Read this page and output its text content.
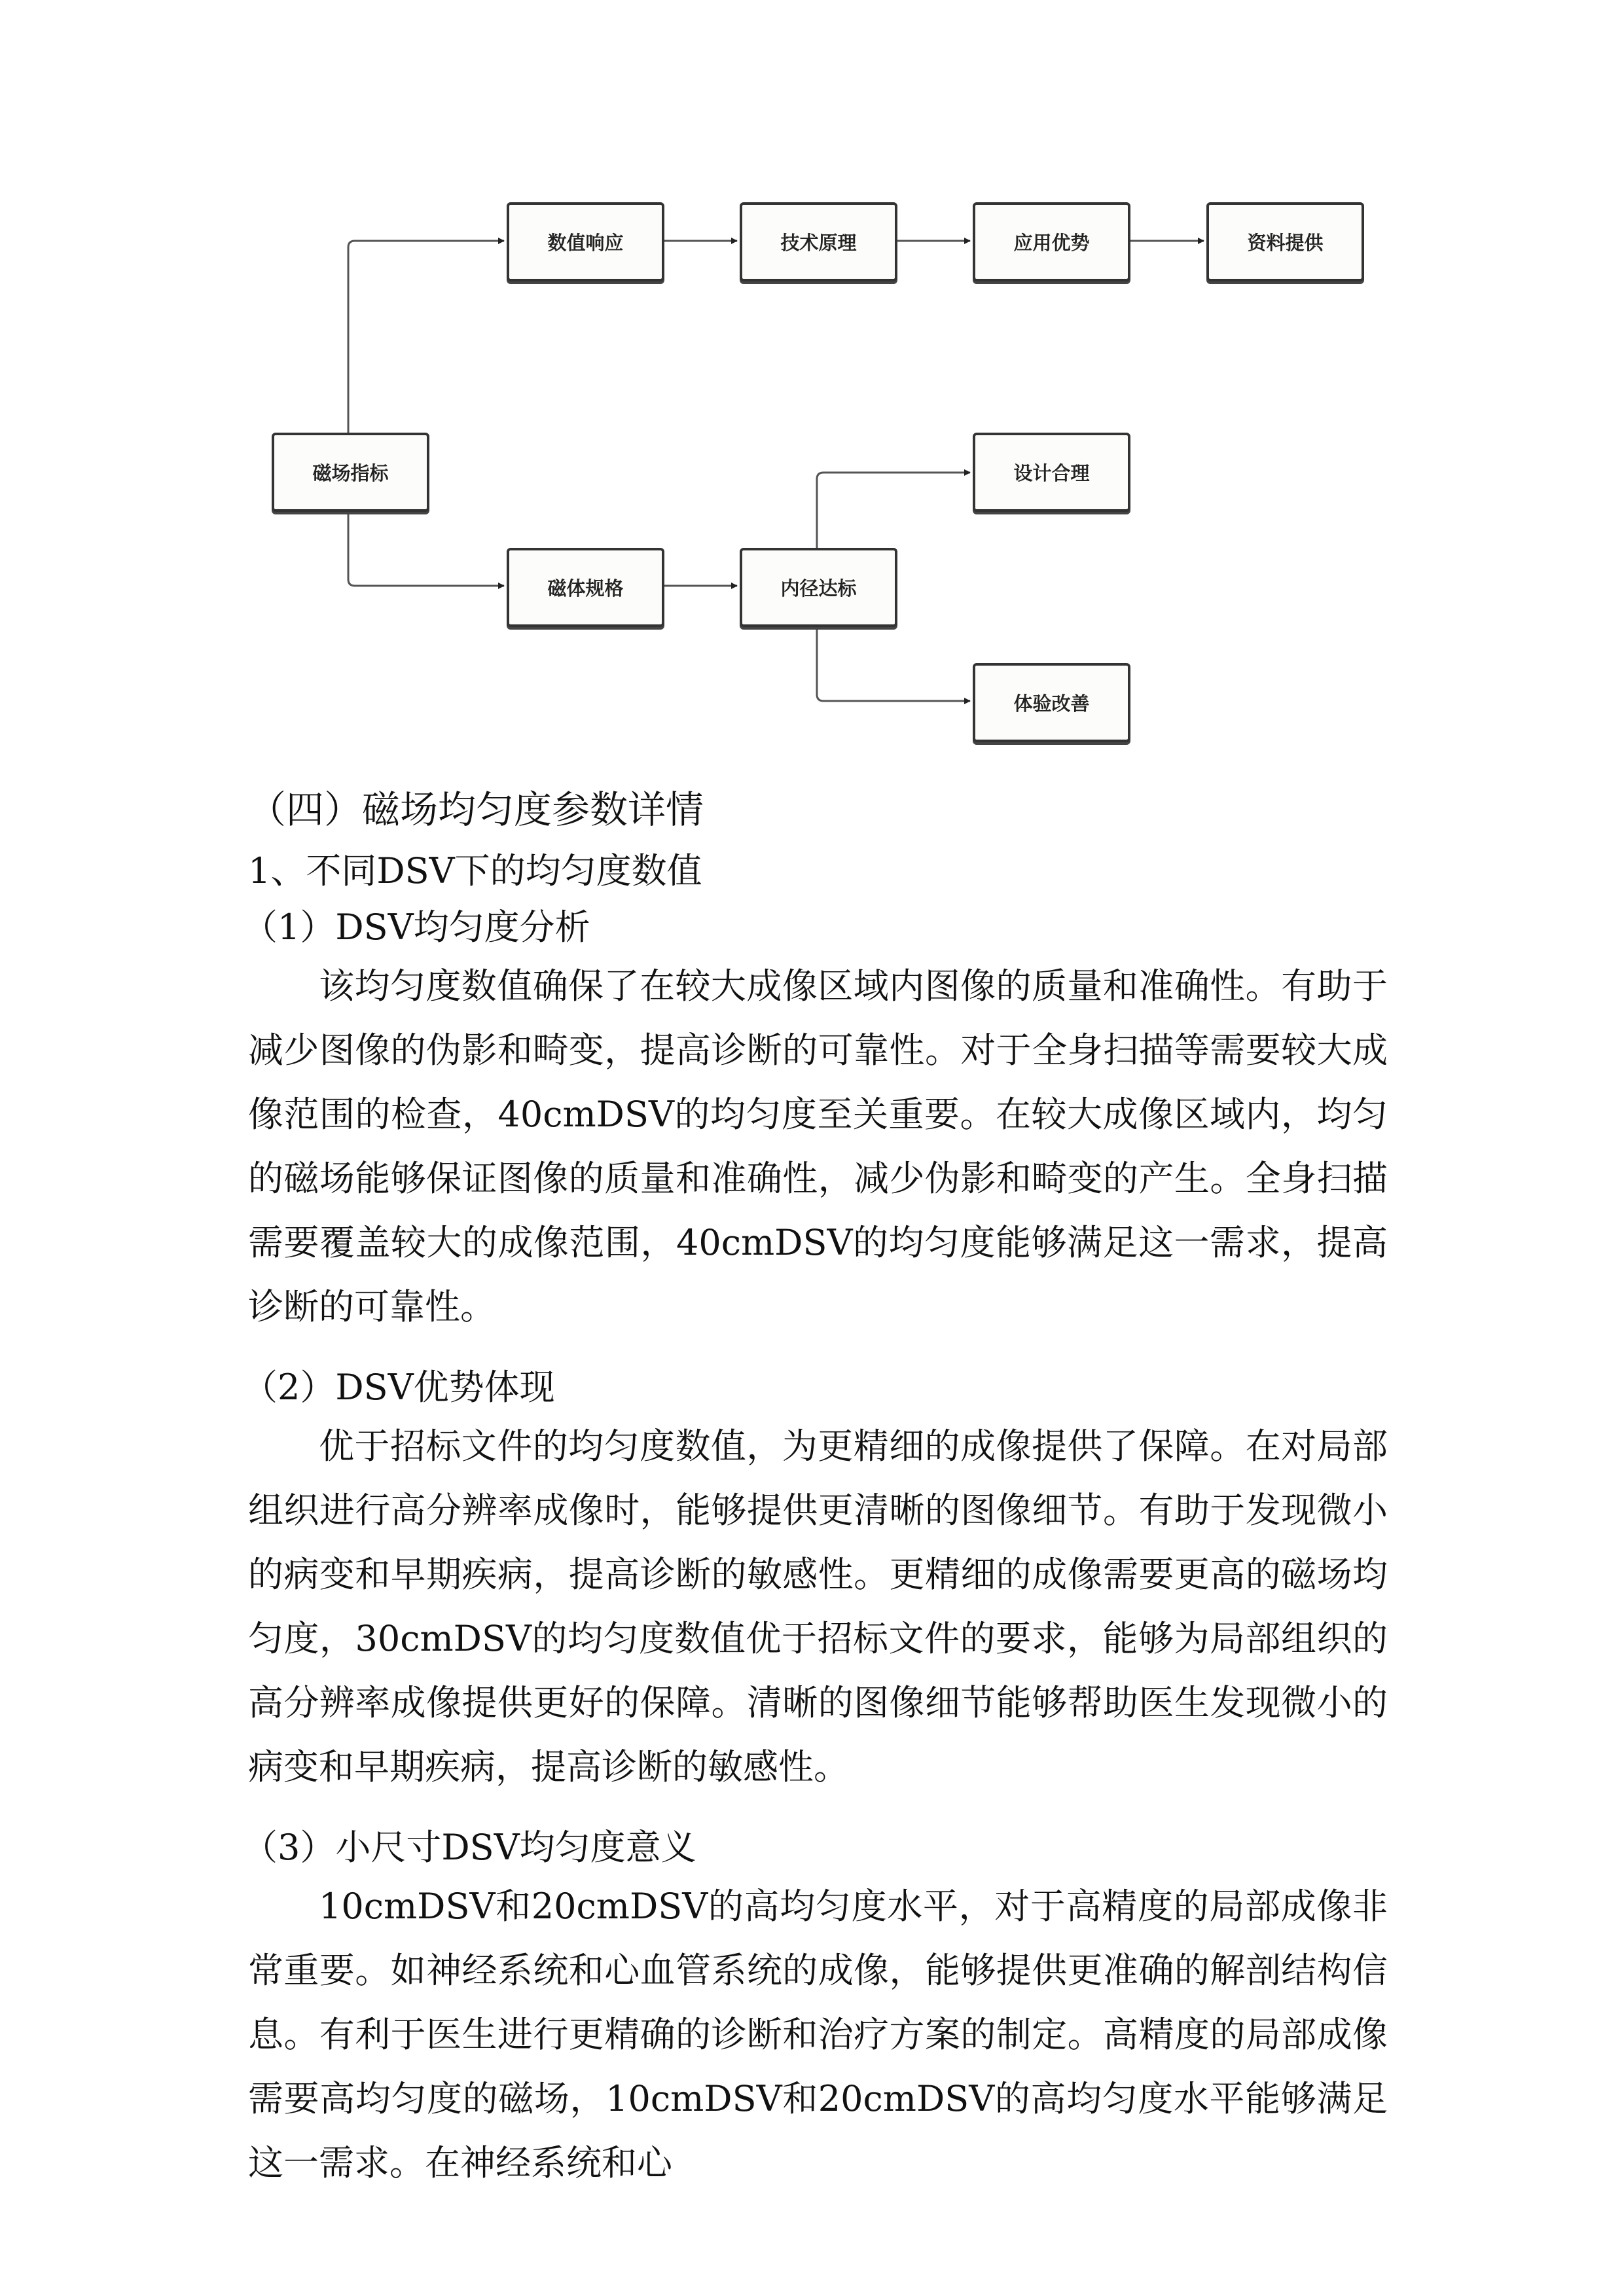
磁场指标
数值响应	技术原理	应用优势	资料提供
磁体规格	内径达标
设计合理
体验改善
（四）磁场均匀度参数详情
1、不同DSV下的均匀度数值
（1）DSV均匀度分析
该均匀度数值确保了在较大成像区域内图像的质量和准确性。有助于减少图像的伪影和畸变，提高诊断的可靠性。对于全身扫描等需要较大成像范围的检查，40cmDSV的均匀度至关重要。在较大成像区域内，均匀的磁场能够保证图像的质量和准确性，减少伪影和畸变的产生。全身扫描需要覆盖较大的成像范围，40cmDSV的均匀度能够满足这一需求，提高诊断的可靠性。
（2）DSV优势体现
优于招标文件的均匀度数值，为更精细的成像提供了保障。在对局部组织进行高分辨率成像时，能够提供更清晰的图像细节。有助于发现微小的病变和早期疾病，提高诊断的敏感性。更精细的成像需要更高的磁场均匀度，30cmDSV的均匀度数值优于招标文件的要求，能够为局部组织的高分辨率成像提供更好的保障。清晰的图像细节能够帮助医生发现微小的病变和早期疾病，提高诊断的敏感性。
（3）小尺寸DSV均匀度意义
10cmDSV和20cmDSV的高均匀度水平，对于高精度的局部成像非常重要。如神经系统和心血管系统的成像，能够提供更准确的解剖结构信息。有利于医生进行更精确的诊断和治疗方案的制定。高精度的局部成像需要高均匀度的磁场，10cmDSV和20cmDSV的高均匀度水平能够满足这一需求。在神经系统和心
